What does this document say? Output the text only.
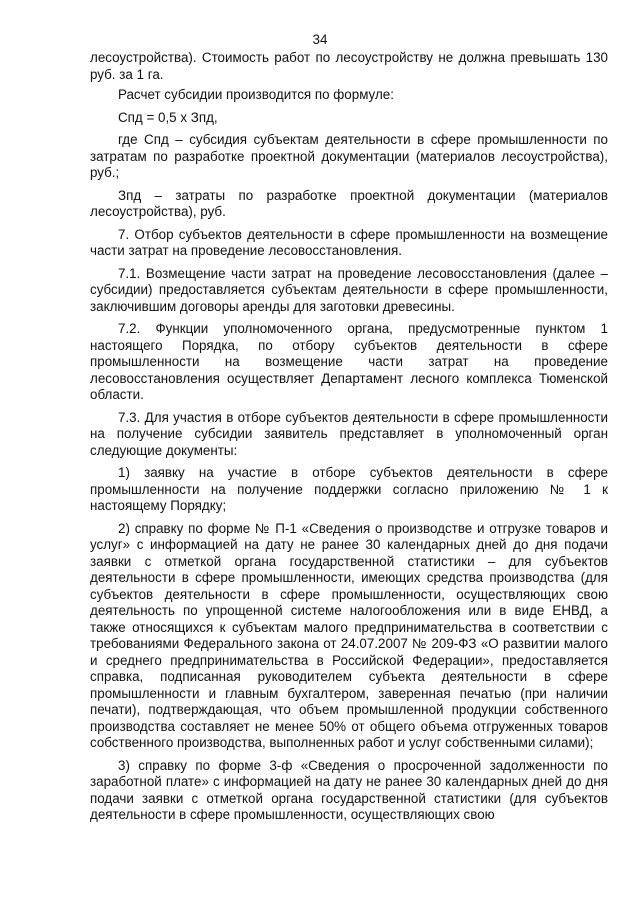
34

лесоустройства). Стоимость работ по лесоустройству не должна превышать 130 руб. за 1 га.

Расчет субсидии производится по формуле:

Спд = 0,5 х Зпд,

где Спд – субсидия субъектам деятельности в сфере промышленности по затратам по разработке проектной документации (материалов лесоустройства), руб.;

Зпд – затраты по разработке проектной документации (материалов лесоустройства), руб.

7. Отбор субъектов деятельности в сфере промышленности на возмещение части затрат на проведение лесовосстановления.

7.1. Возмещение части затрат на проведение лесовосстановления (далее – субсидии) предоставляется субъектам деятельности в сфере промышленности, заключившим договоры аренды для заготовки древесины.

7.2. Функции уполномоченного органа, предусмотренные пунктом 1 настоящего Порядка, по отбору субъектов деятельности в сфере промышленности на возмещение части затрат на проведение лесовосстановления осуществляет Департамент лесного комплекса Тюменской области.

7.3. Для участия в отборе субъектов деятельности в сфере промышленности на получение субсидии заявитель представляет в уполномоченный орган следующие документы:

1) заявку на участие в отборе субъектов деятельности в сфере промышленности на получение поддержки согласно приложению № 1 к настоящему Порядку;

2) справку по форме № П-1 «Сведения о производстве и отгрузке товаров и услуг» с информацией на дату не ранее 30 календарных дней до дня подачи заявки с отметкой органа государственной статистики – для субъектов деятельности в сфере промышленности, имеющих средства производства (для субъектов деятельности в сфере промышленности, осуществляющих свою деятельность по упрощенной системе налогообложения или в виде ЕНВД, а также относящихся к субъектам малого предпринимательства в соответствии с требованиями Федерального закона от 24.07.2007 № 209-ФЗ «О развитии малого и среднего предпринимательства в Российской Федерации», предоставляется справка, подписанная руководителем субъекта деятельности в сфере промышленности и главным бухгалтером, заверенная печатью (при наличии печати), подтверждающая, что объем промышленной продукции собственного производства составляет не менее 50% от общего объема отгруженных товаров собственного производства, выполненных работ и услуг собственными силами);

3) справку по форме 3-ф «Сведения о просроченной задолженности по заработной плате» с информацией на дату не ранее 30 календарных дней до дня подачи заявки с отметкой органа государственной статистики (для субъектов деятельности в сфере промышленности, осуществляющих свою
